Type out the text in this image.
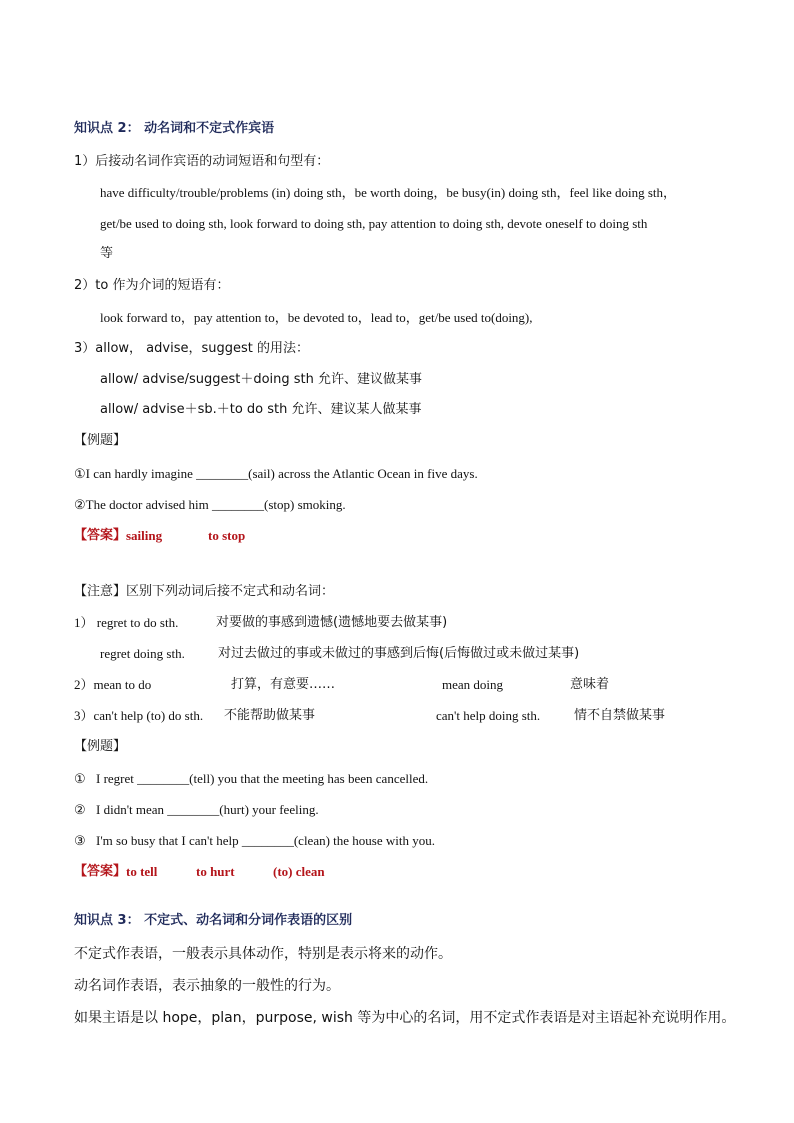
知识点 2： 动名词和不定式作宾语
1）后接动名词作宾语的动词短语和句型有：
have difficulty/trouble/problems (in) doing sth，be worth doing，be busy(in) doing sth，feel like doing sth，
get/be used to doing sth, look forward to doing sth, pay attention to doing sth, devote oneself to doing sth
等
2）to 作为介词的短语有：
look forward to，pay attention to，be devoted to，lead to，get/be used to(doing),
3）allow， advise，suggest 的用法：
allow/ advise/suggest＋doing sth 允许、建议做某事
allow/ advise＋sb.＋to do sth 允许、建议某人做某事
【例题】
①I can hardly imagine ________(sail) across the Atlantic Ocean in five days.
②The doctor advised him ________(stop) smoking.
【答案】 sailing	to stop
【注意】区别下列动词后接不定式和动名词：
1） regret to do sth.	对要做的事感到遗憾(遗憾地要去做某事)
regret doing sth.	对过去做过的事或未做过的事感到后悔(后悔做过或未做过某事)
2）mean to do	打算，有意要……	mean doing	意味着
3）can't help (to) do sth. 不能帮助做某事	can't help doing sth.	情不自禁做某事
【例题】
① I regret ________(tell) you that the meeting has been cancelled.
② I didn't mean ________(hurt) your feeling.
③ I'm so busy that I can't help ________(clean) the house with you.
【答案】 to tell	to hurt	(to) clean
知识点 3： 不定式、动名词和分词作表语的区别
不定式作表语，一般表示具体动作，特别是表示将来的动作。
动名词作表语，表示抽象的一般性的行为。
如果主语是以 hope，plan，purpose, wish 等为中心的名词，用不定式作表语是对主语起补充说明作用。
